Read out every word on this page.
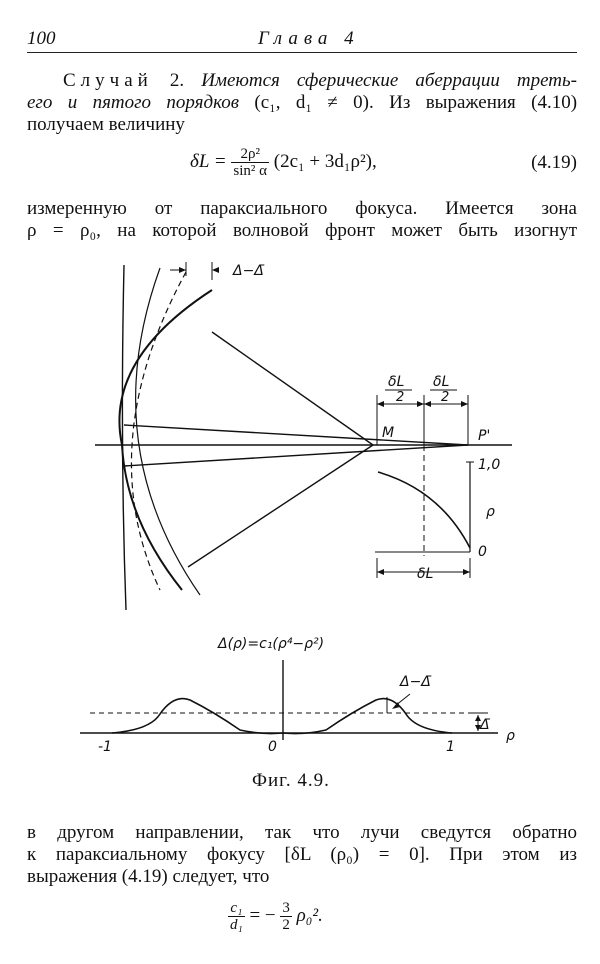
100	Глава 4
Случай 2. Имеются сферические аберрации треть-
его и пятого порядков (c₁, d₁ ≠ 0). Из выражения (4.10)
получаем величину
$\delta L = \frac{\text{2ρ²}}{\text{sin² α}} (2c_1 + 3d_1\rho^2)$,	(4.19)
измеренную от параксиального фокуса. Имеется зона
ρ = ρ₀, на которой волновой фронт может быть изогнут
Δ−Δ̄
δL
2
δL
2
M	P'
1,0
ρ
0
δL
Δ(ρ)=c₁(ρ⁴−ρ²)
Δ−Δ̄
Δ̄
-1	0	1
ρ
Фиг. 4.9.
в другом направлении, так что лучи сведутся обратно
к параксиальному фокусу [δL (ρ₀) = 0]. При этом из
выражения (4.19) следует, что
$\frac{\text{c₁}}{\text{d₁}}$ = − $\frac{3}{2} \rho_0^2$.
